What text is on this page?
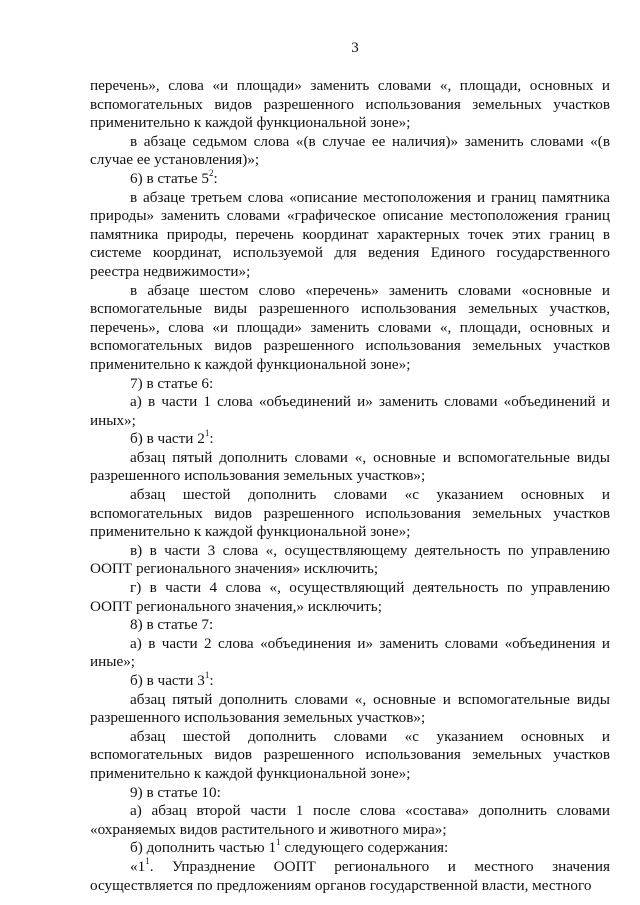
3

перечень», слова «и площади» заменить словами «, площади, основных и вспомогательных видов разрешенного использования земельных участков применительно к каждой функциональной зоне»;

в абзаце седьмом слова «(в случае ее наличия)» заменить словами «(в случае ее установления)»;

6) в статье $5^2$:

в абзаце третьем слова «описание местоположения и границ памятника природы» заменить словами «графическое описание местоположения границ памятника природы, перечень координат характерных точек этих границ в системе координат, используемой для ведения Единого государственного реестра недвижимости»;

в абзаце шестом слово «перечень» заменить словами «основные и вспомогательные виды разрешенного использования земельных участков, перечень», слова «и площади» заменить словами «, площади, основных и вспомогательных видов разрешенного использования земельных участков применительно к каждой функциональной зоне»;

7) в статье 6:

а) в части 1 слова «объединений и» заменить словами «объединений и иных»;

б) в части $2^1$:

абзац пятый дополнить словами «, основные и вспомогательные виды разрешенного использования земельных участков»;

абзац шестой дополнить словами «с указанием основных и вспомогательных видов разрешенного использования земельных участков применительно к каждой функциональной зоне»;

в) в части 3 слова «, осуществляющему деятельность по управлению ООПТ регионального значения» исключить;

г) в части 4 слова «, осуществляющий деятельность по управлению ООПТ регионального значения,» исключить;

8) в статье 7:

а) в части 2 слова «объединения и» заменить словами «объединения и иные»;

б) в части $3^1$:

абзац пятый дополнить словами «, основные и вспомогательные виды разрешенного использования земельных участков»;

абзац шестой дополнить словами «с указанием основных и вспомогательных видов разрешенного использования земельных участков применительно к каждой функциональной зоне»;

9) в статье 10:

а) абзац второй части 1 после слова «состава» дополнить словами «охраняемых видов растительного и животного мира»;

б) дополнить частью $1^1$ следующего содержания:

«$1^1$. Упразднение ООПТ регионального и местного значения осуществляется по предложениям органов государственной власти, местного
